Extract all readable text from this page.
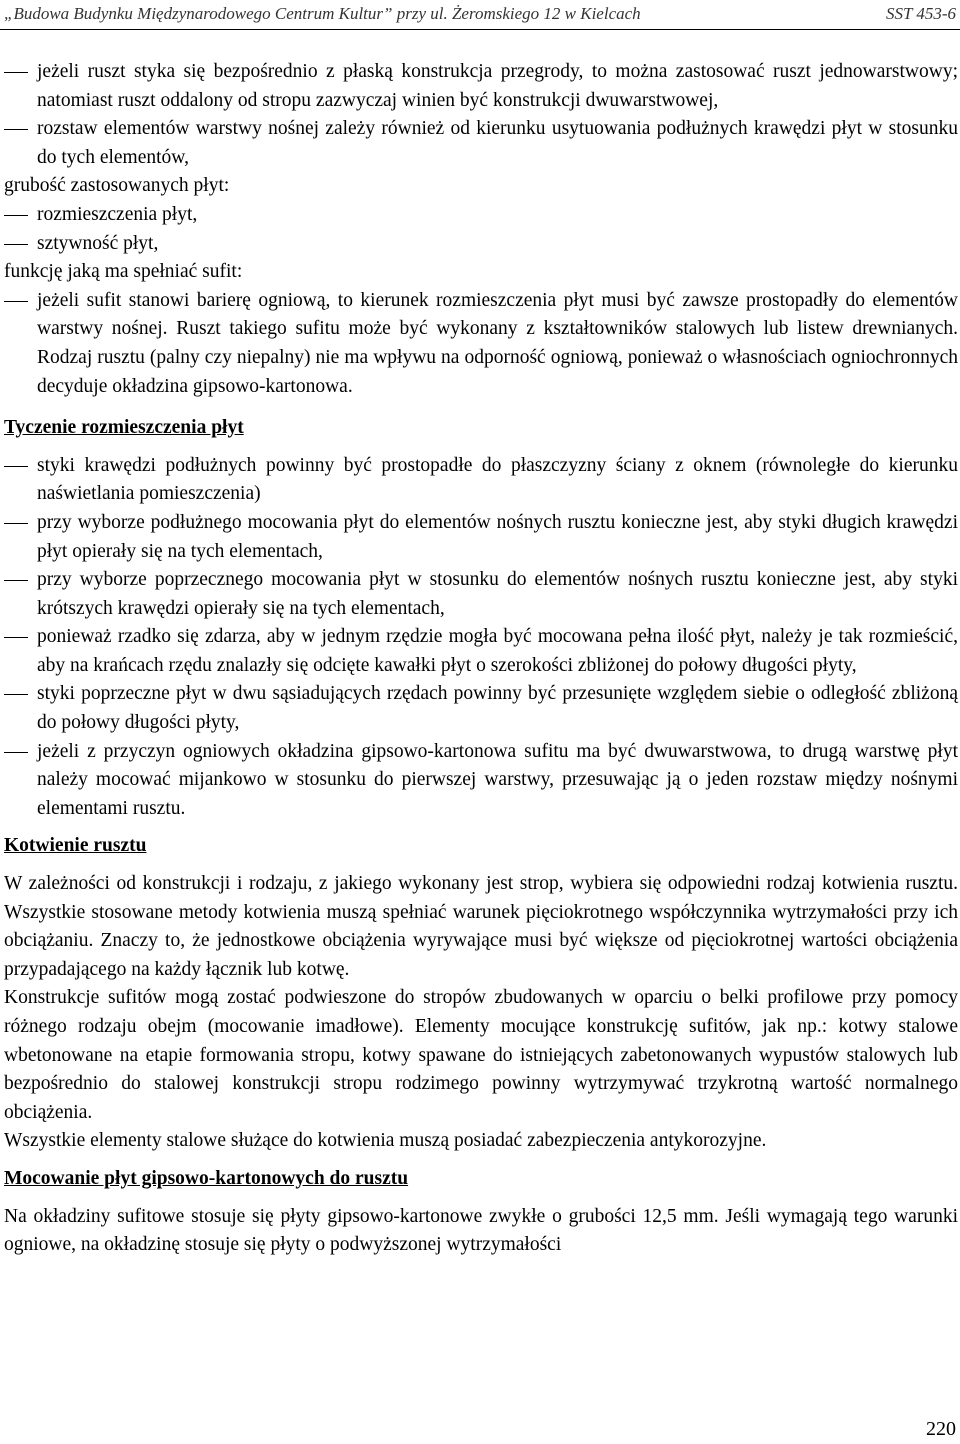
„Budowa Budynku Międzynarodowego Centrum Kultur” przy ul. Żeromskiego 12 w Kielcach	SST 453-6
jeżeli ruszt styka się bezpośrednio z płaską konstrukcja przegrody, to można zastosować ruszt jednowarstwowy; natomiast ruszt oddalony od stropu zazwyczaj winien być konstrukcji dwuwarstwowej,
rozstaw elementów warstwy nośnej zależy również od kierunku usytuowania podłużnych krawędzi płyt w stosunku do tych elementów,

grubość zastosowanych płyt:

rozmieszczenia płyt,
sztywność płyt,

funkcję jaką ma spełniać sufit:

jeżeli sufit stanowi barierę ogniową, to kierunek rozmieszczenia płyt musi być zawsze prostopadły do elementów warstwy nośnej. Ruszt takiego sufitu może być wykonany z kształtowników stalowych lub listew drewnianych. Rodzaj rusztu (palny czy niepalny) nie ma wpływu na odporność ogniową, ponieważ o własnościach ogniochronnych decyduje okładzina gipsowo-kartonowa.

Tyczenie rozmieszczenia płyt

styki krawędzi podłużnych powinny być prostopadłe do płaszczyzny ściany z oknem (równoległe do kierunku naświetlania pomieszczenia)
przy wyborze podłużnego mocowania płyt do elementów nośnych rusztu konieczne jest, aby styki długich krawędzi płyt opierały się na tych elementach,
przy wyborze poprzecznego mocowania płyt w stosunku do elementów nośnych rusztu konieczne jest, aby styki krótszych krawędzi opierały się na tych elementach,
ponieważ rzadko się zdarza, aby w jednym rzędzie mogła być mocowana pełna ilość płyt, należy je tak rozmieścić, aby na krańcach rzędu znalazły się odcięte kawałki płyt o szerokości zbliżonej do połowy długości płyty,
styki poprzeczne płyt w dwu sąsiadujących rzędach powinny być przesunięte względem siebie o odległość zbliżoną do połowy długości płyty,
jeżeli z przyczyn ogniowych okładzina gipsowo-kartonowa sufitu ma być dwuwarstwowa, to drugą warstwę płyt należy mocować mijankowo w stosunku do pierwszej warstwy, przesuwając ją o jeden rozstaw między nośnymi elementami rusztu.

Kotwienie rusztu

W zależności od konstrukcji i rodzaju, z jakiego wykonany jest strop, wybiera się odpowiedni rodzaj kotwienia rusztu. Wszystkie stosowane metody kotwienia muszą spełniać warunek pięciokrotnego współczynnika wytrzymałości przy ich obciążaniu. Znaczy to, że jednostkowe obciążenia wyrywające musi być większe od pięciokrotnej wartości obciążenia przypadającego na każdy łącznik lub kotwę.

Konstrukcje sufitów mogą zostać podwieszone do stropów zbudowanych w oparciu o belki profilowe przy pomocy różnego rodzaju obejm (mocowanie imadłowe). Elementy mocujące konstrukcję sufitów, jak np.: kotwy stalowe wbetonowane na etapie formowania stropu, kotwy spawane do istniejących zabetonowanych wypustów stalowych lub bezpośrednio do stalowej konstrukcji stropu rodzimego powinny wytrzymywać trzykrotną wartość normalnego obciążenia.

Wszystkie elementy stalowe służące do kotwienia muszą posiadać zabezpieczenia antykorozyjne.

Mocowanie płyt gipsowo-kartonowych do rusztu

Na okładziny sufitowe stosuje się płyty gipsowo-kartonowe zwykłe o grubości 12,5 mm. Jeśli wymagają tego warunki ogniowe, na okładzinę stosuje się płyty o podwyższonej wytrzymałości

220
